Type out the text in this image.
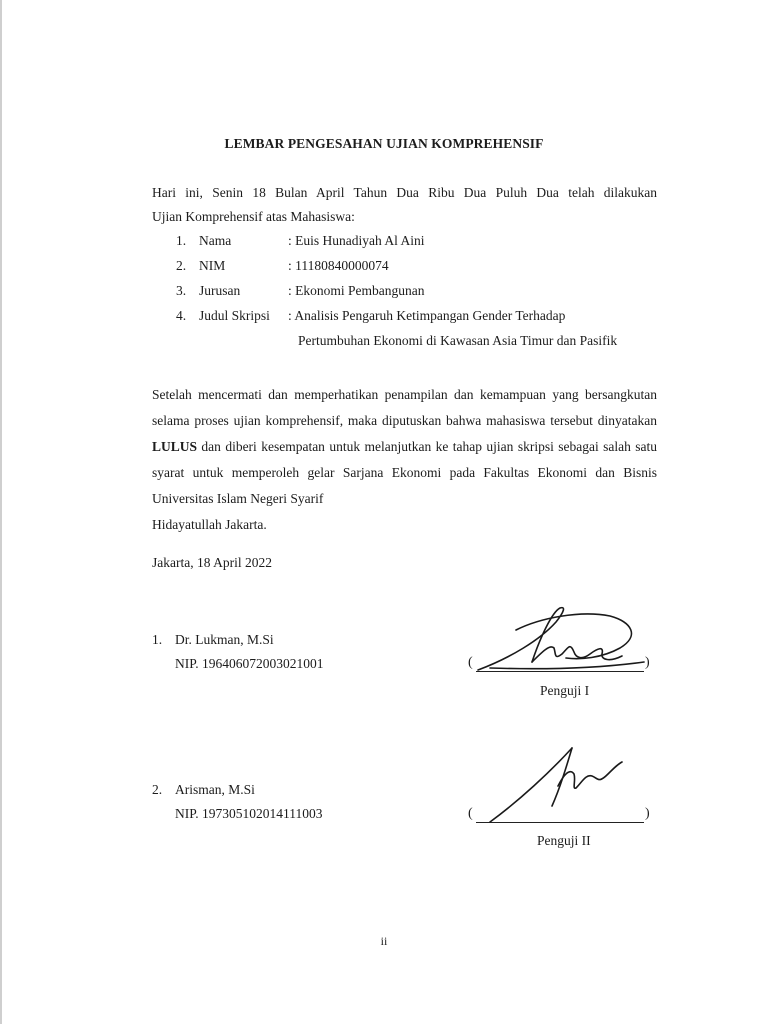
LEMBAR PENGESAHAN UJIAN KOMPREHENSIF
Hari ini, Senin 18 Bulan April Tahun Dua Ribu Dua Puluh Dua telah dilakukan
Ujian Komprehensif atas Mahasiswa:
1. Nama	: Euis Hunadiyah Al Aini
2. NIM	: 11180840000074
3. Jurusan	: Ekonomi Pembangunan
4. Judul Skripsi : Analisis Pengaruh Ketimpangan Gender Terhadap
Pertumbuhan Ekonomi di Kawasan Asia Timur dan Pasifik
Setelah mencermati dan memperhatikan penampilan dan kemampuan yang bersangkutan selama proses ujian komprehensif, maka diputuskan bahwa mahasiswa tersebut dinyatakan LULUS dan diberi kesempatan untuk melanjutkan ke tahap ujian skripsi sebagai salah satu syarat untuk memperoleh gelar Sarjana Ekonomi pada Fakultas Ekonomi dan Bisnis Universitas Islam Negeri Syarif
Hidayatullah Jakarta.
Jakarta, 18 April 2022
1. Dr. Lukman, M.Si
NIP. 196406072003021001	(	)
Penguji I
2. Arisman, M.Si
NIP. 197305102014111003	(	)
Penguji II
ii
